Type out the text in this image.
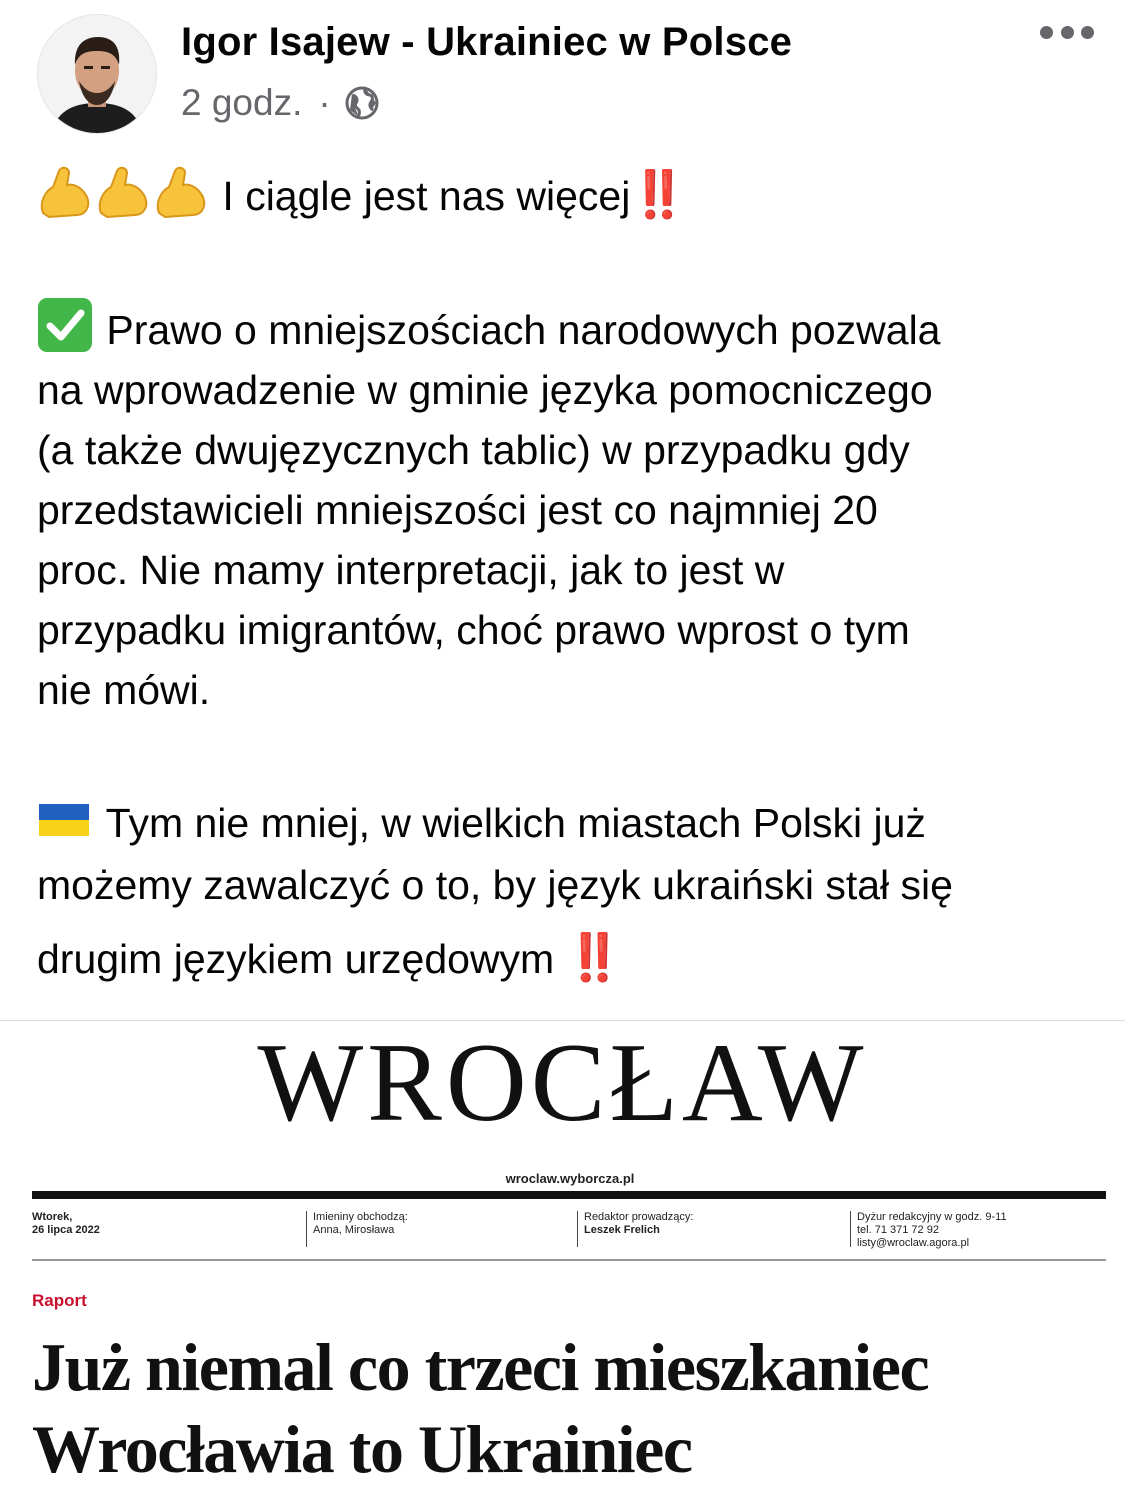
Igor Isajew - Ukrainiec w Polsce
2 godz. ·
I ciągle jest nas więcej‼️
Prawo o mniejszościach narodowych pozwala
na wprowadzenie w gminie języka pomocniczego
(a także dwujęzycznych tablic) w przypadku gdy
przedstawicieli mniejszości jest co najmniej 20
proc. Nie mamy interpretacji, jak to jest w
przypadku imigrantów, choć prawo wprost o tym
nie mówi.
Tym nie mniej, w wielkich miastach Polski już
możemy zawalczyć o to, by język ukraiński stał się
drugim językiem urzędowym ‼️
WROCŁAW
wroclaw.wyborcza.pl
Wtorek,
26 lipca 2022
Imieniny obchodzą:
Anna, Mirosława
Redaktor prowadzący:
Leszek Frelich
Dyżur redakcyjny w godz. 9-11
tel. 71 371 72 92
listy@wroclaw.agora.pl
Raport
Już niemal co trzeci mieszkaniec
Wrocławia to Ukrainiec
